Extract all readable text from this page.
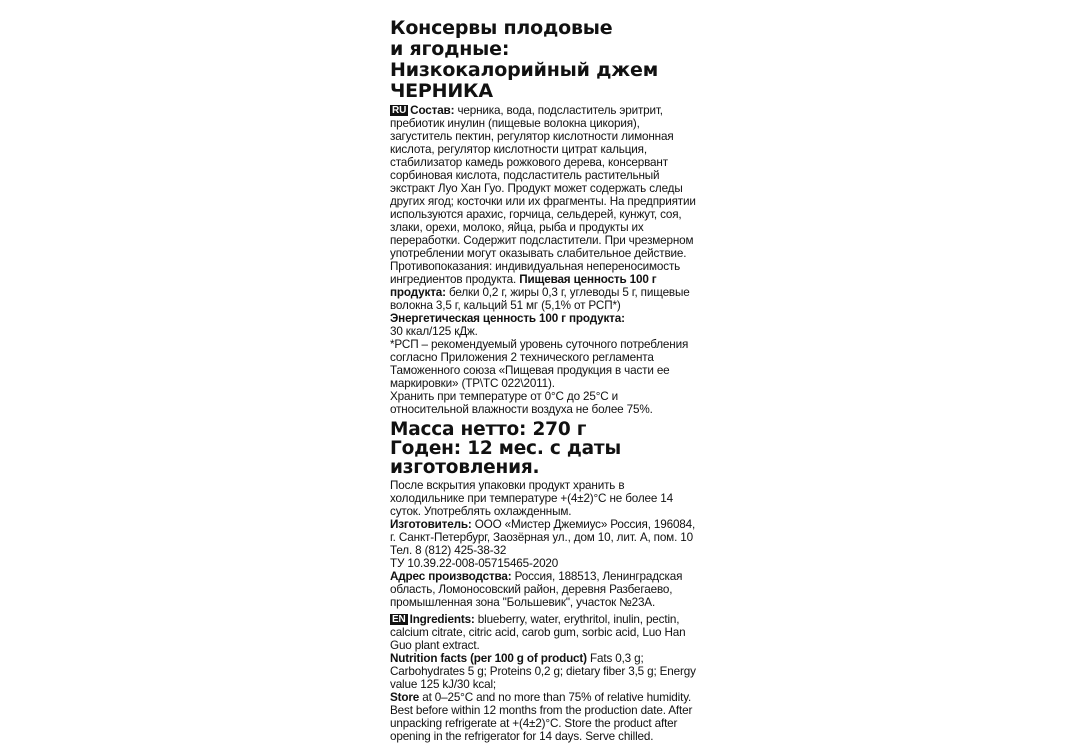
Консервы плодовые
и ягодные:
Низкокалорийный джем
ЧЕРНИКА

RU Состав: черника, вода, подсластитель эритрит, пребиотик инулин (пищевые волокна цикория), загуститель пектин, регулятор кислотности лимонная кислота, регулятор кислотности цитрат кальция, стабилизатор камедь рожкового дерева, консервант сорбиновая кислота, подсластитель растительный экстракт Луо Хан Гуо. Продукт может содержать следы других ягод; косточки или их фрагменты. На предприятии используются арахис, горчица, сельдерей, кунжут, соя, злаки, орехи, молоко, яйца, рыба и продукты их переработки. Содержит подсластители. При чрезмерном употреблении могут оказывать слабительное действие. Противопоказания: индивидуальная непереносимость ингредиентов продукта. Пищевая ценность 100 г продукта: белки 0,2 г, жиры 0,3 г, углеводы 5 г, пищевые волокна 3,5 г, кальций 51 мг (5,1% от РСП*)

Энергетическая ценность 100 г продукта:

30 ккал/125 кДж.

*РСП – рекомендуемый уровень суточного потребления согласно Приложения 2 технического регламента Таможенного союза «Пищевая продукция в части ее маркировки» (ТР\ТС 022\2011).

Хранить при температуре от 0°С до 25°С и относительной влажности воздуха не более 75%.

Масса нетто: 270 г
Годен: 12 мес. с даты изготовления.

После вскрытия упаковки продукт хранить в холодильнике при температуре +(4±2)°С не более 14 суток. Употреблять охлажденным.

Изготовитель: ООО «Мистер Джемиус» Россия, 196084, г. Санкт-Петербург, Заозёрная ул., дом 10, лит. А, пом. 10 Тел. 8 (812) 425-38-32

ТУ 10.39.22-008-05715465-2020

Адрес производства: Россия, 188513, Ленинградская область, Ломоносовский район, деревня Разбегаево, промышленная зона "Большевик", участок №23А.

EN Ingredients: blueberry, water, erythritol, inulin, pectin, calcium citrate, citric acid, carob gum, sorbic acid, Luo Han Guo plant extract.

Nutrition facts (per 100 g of product) Fats 0,3 g; Carbohydrates 5 g; Proteins 0,2 g; dietary fiber 3,5 g; Energy value 125 kJ/30 kcal;

Store at 0–25°С and no more than 75% of relative humidity. Best before within 12 months from the production date. After unpacking refrigerate at +(4±2)°С. Store the product after opening in the refrigerator for 14 days. Serve chilled.
